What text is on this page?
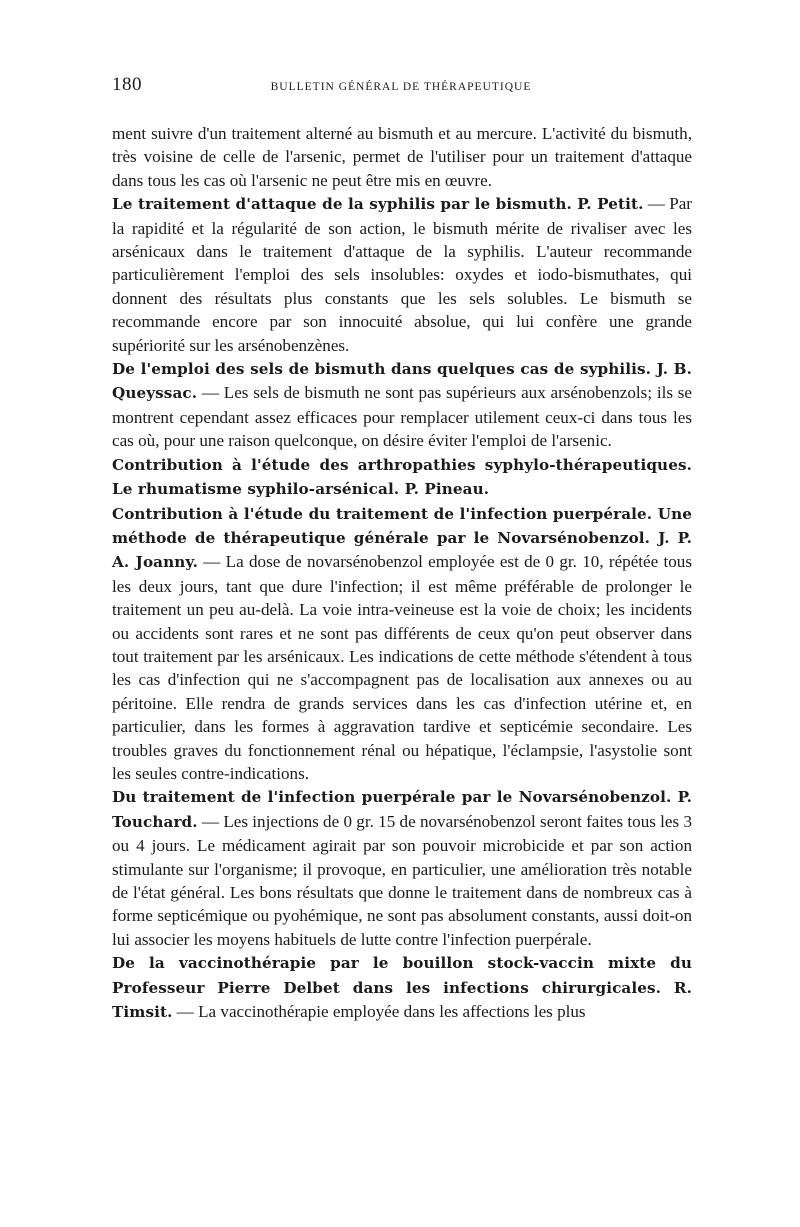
180	BULLETIN GÉNÉRAL DE THÉRAPEUTIQUE

ment suivre d'un traitement alterné au bismuth et au mercure. L'activité du bismuth, très voisine de celle de l'arsenic, permet de l'utiliser pour un traitement d'attaque dans tous les cas où l'arsenic ne peut être mis en œuvre.

Le traitement d'attaque de la syphilis par le bismuth. P. Petit. — Par la rapidité et la régularité de son action, le bismuth mérite de rivaliser avec les arsénicaux dans le traitement d'attaque de la syphilis. L'auteur recommande particulièrement l'emploi des sels insolubles: oxydes et iodo-bismuthates, qui donnent des résultats plus constants que les sels solubles. Le bismuth se recommande encore par son innocuité absolue, qui lui confère une grande supériorité sur les arsénobenzènes.

De l'emploi des sels de bismuth dans quelques cas de syphilis. J. B. Queyssac. — Les sels de bismuth ne sont pas supérieurs aux arsénobenzols; ils se montrent cependant assez efficaces pour remplacer utilement ceux-ci dans tous les cas où, pour une raison quelconque, on désire éviter l'emploi de l'arsenic.

Contribution à l'étude des arthropathies syphylo-thérapeutiques. Le rhumatisme syphilo-arsénical. P. Pineau.

Contribution à l'étude du traitement de l'infection puerpérale. Une méthode de thérapeutique générale par le Novarsénobenzol. J. P. A. Joanny. — La dose de novarsénobenzol employée est de 0 gr. 10, répétée tous les deux jours, tant que dure l'infection; il est même préférable de prolonger le traitement un peu au-delà. La voie intra-veineuse est la voie de choix; les incidents ou accidents sont rares et ne sont pas différents de ceux qu'on peut observer dans tout traitement par les arsénicaux. Les indications de cette méthode s'étendent à tous les cas d'infection qui ne s'accompagnent pas de localisation aux annexes ou au péritoine. Elle rendra de grands services dans les cas d'infection utérine et, en particulier, dans les formes à aggravation tardive et septicémie secondaire. Les troubles graves du fonctionnement rénal ou hépatique, l'éclampsie, l'asystolie sont les seules contre-indications.

Du traitement de l'infection puerpérale par le Novarsénobenzol. P. Touchard. — Les injections de 0 gr. 15 de novarsénobenzol seront faites tous les 3 ou 4 jours. Le médicament agirait par son pouvoir microbicide et par son action stimulante sur l'organisme; il provoque, en particulier, une amélioration très notable de l'état général. Les bons résultats que donne le traitement dans de nombreux cas à forme septicémique ou pyohémique, ne sont pas absolument constants, aussi doit-on lui associer les moyens habituels de lutte contre l'infection puerpérale.

De la vaccinothérapie par le bouillon stock-vaccin mixte du Professeur Pierre Delbet dans les infections chirurgicales. R. Timsit. — La vaccinothérapie employée dans les affections les plus
